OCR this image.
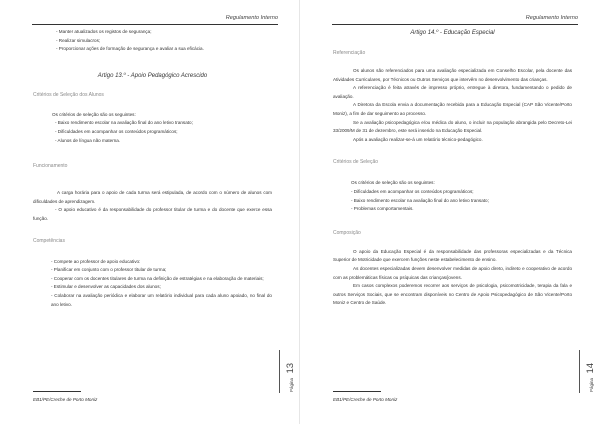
Regulamento Interno

- Manter atualizados os registos de segurança;

- Realizar simulacros;

- Proporcionar ações de formação de segurança e avaliar a sua eficácia.

Artigo 13.º - Apoio Pedagógico Acrescido

Critérios de Seleção dos Alunos

Os critérios de seleção são os seguintes:

- Baixo rendimento escolar na avaliação final do ano letivo transato;

- Dificuldades em acompanhar os conteúdos programáticos;

- Alunos de língua não materna.

Funcionamento

A carga horária para o apoio de cada turma será estipulada, de acordo com o número de alunos com dificuldades de aprendizagem.

- O apoio educativo é da responsabilidade do professor titular de turma e do docente que exerce essa função.

Competências

- Compete ao professor de apoio educativo:

- Planificar em conjunto com o professor titular de turma;

- Cooperar com os docentes titulares de turma na definição de estratégias e na elaboração de materiais;

- Estimular e desenvolver as capacidades dos alunos;

- Colaborar na avaliação periódica e elaborar um relatório individual para cada aluno apoiado, no final do ano letivo.

Página 13
EB1/PE/Creche de Porto Moniz
Regulamento Interno

Artigo 14.º - Educação Especial

Referenciação

Os alunos são referenciados para uma avaliação especializada em Conselho Escolar, pela docente das Atividades Curriculares, por Técnicos ou Outros Serviços que intervêm no desenvolvimento das crianças.

A referenciação é feita através de impresso próprio, entregue à diretora, fundamentando o pedido de avaliação.

A Diretora da Escola envia a documentação recebida para a Educação Especial (CAP São Vicente/Porto Moniz), a fim de dar seguimento ao processo.

Se a avaliação psicopedagógica e/ou médica do aluno, o incluir na população abrangida pelo Decreto-Lei 33/2009/M de 31 de dezembro, este será inserido na Educação Especial.

Após a avaliação realizar-se-á um relatório técnico-pedagógico.

Critérios de Seleção

Os critérios de seleção são os seguintes:

- Dificuldades em acompanhar os conteúdos programáticos;

- Baixo rendimento escolar na avaliação final do ano letivo transato;

- Problemas comportamentais.

Composição

O apoio da Educação Especial é da responsabilidade das professoras especializadas e da Técnica Superior de Motricidade que exercem funções neste estabelecimento de ensino.

As docentes especializadas devem desenvolver medidas de apoio direto, indireto e cooperativo de acordo com as problemáticas físicas ou psíquicas das crianças/jovens.

Em casos complexos poderemos recorrer aos serviços de psicologia, psicomotricidade, terapia da fala e outros Serviços Sociais, que se encontram disponíveis no Centro de Apoio Psicopedagógico de São Vicente/Porto Moniz e Centro de Saúde.

Página 14
EB1/PE/Creche de Porto Moniz
